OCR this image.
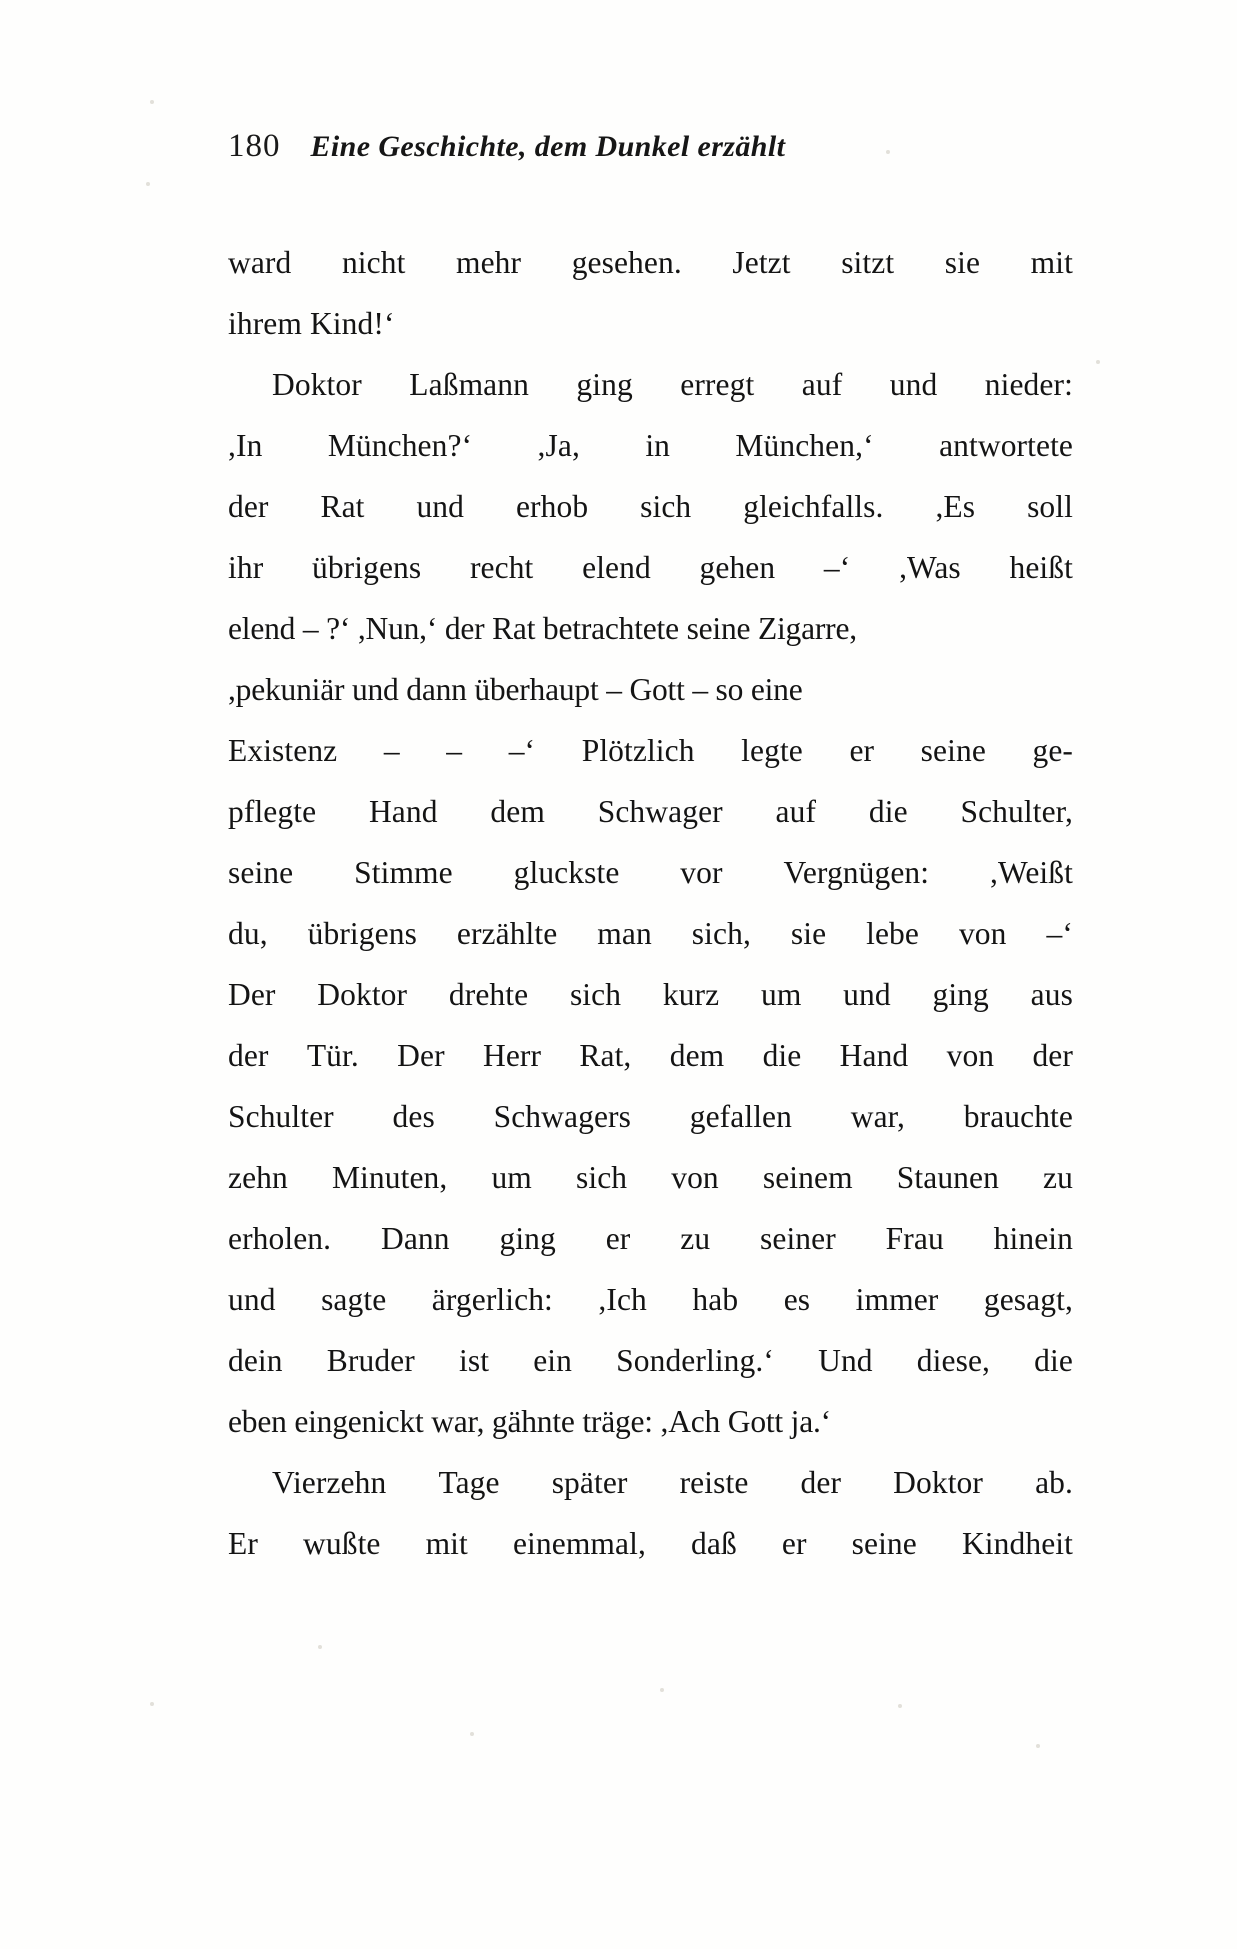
180 Eine Geschichte, dem Dunkel erzählt
ward nicht mehr gesehen. Jetzt sitzt sie mit
ihrem Kind!‘
Doktor Laßmann ging erregt auf und nieder:
,In München?‘ ,Ja, in München,‘ antwortete
der Rat und erhob sich gleichfalls. ,Es soll
ihr übrigens recht elend gehen –‘ ,Was heißt
elend – ?‘ ,Nun,‘ der Rat betrachtete seine Zigarre,
,pekuniär und dann überhaupt – Gott – so eine
Existenz – – –‘ Plötzlich legte er seine ge-
pflegte Hand dem Schwager auf die Schulter,
seine Stimme gluckste vor Vergnügen: ,Weißt
du, übrigens erzählte man sich, sie lebe von –‘
Der Doktor drehte sich kurz um und ging aus
der Tür. Der Herr Rat, dem die Hand von der
Schulter des Schwagers gefallen war, brauchte
zehn Minuten, um sich von seinem Staunen zu
erholen. Dann ging er zu seiner Frau hinein
und sagte ärgerlich: ,Ich hab es immer gesagt,
dein Bruder ist ein Sonderling.‘ Und diese, die
eben eingenickt war, gähnte träge: ,Ach Gott ja.‘
Vierzehn Tage später reiste der Doktor ab.
Er wußte mit einemmal, daß er seine Kindheit
